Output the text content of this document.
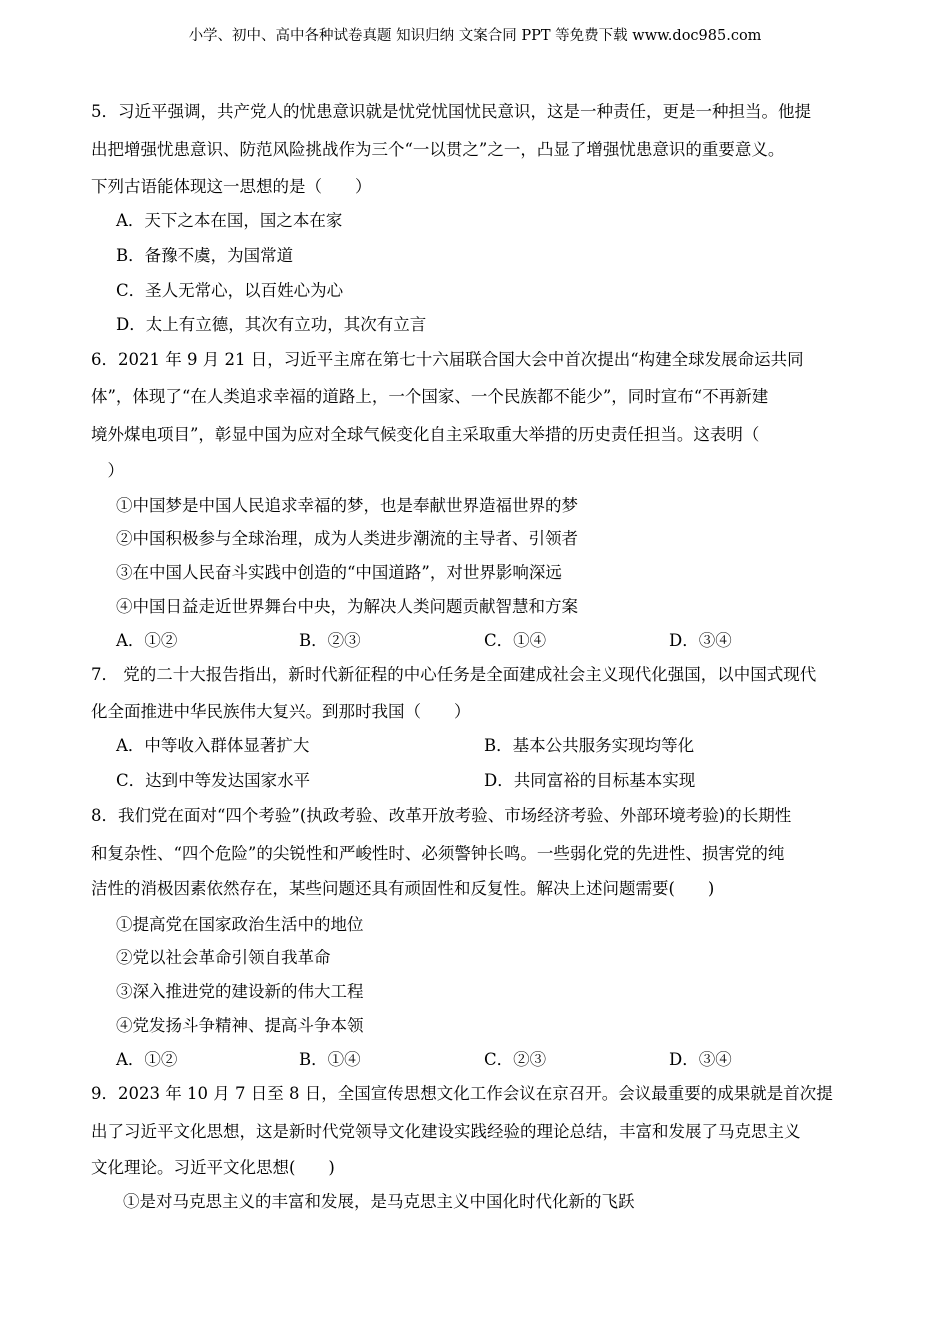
小学、初中、高中各种试卷真题 知识归纳 文案合同 PPT 等免费下载 www.doc985.com
5．习近平强调，共产党人的忧患意识就是忧党忧国忧民意识，这是一种责任，更是一种担当。他提
出把增强忧患意识、防范风险挑战作为三个“一以贯之”之一，凸显了增强忧患意识的重要意义。
下列古语能体现这一思想的是（　　）
A．天下之本在国，国之本在家
B．备豫不虞，为国常道
C．圣人无常心，以百姓心为心
D．太上有立德，其次有立功，其次有立言
6．2021 年 9 月 21 日，习近平主席在第七十六届联合国大会中首次提出“构建全球发展命运共同
体”，体现了“在人类追求幸福的道路上，一个国家、一个民族都不能少”，同时宣布“不再新建
境外煤电项目”，彰显中国为应对全球气候变化自主采取重大举措的历史责任担当。这表明（
　）
①中国梦是中国人民追求幸福的梦，也是奉献世界造福世界的梦
②中国积极参与全球治理，成为人类进步潮流的主导者、引领者
③在中国人民奋斗实践中创造的“中国道路”，对世界影响深远
④中国日益走近世界舞台中央，为解决人类问题贡献智慧和方案
A．①②	B．②③	C．①④	D．③④
7． 党的二十大报告指出，新时代新征程的中心任务是全面建成社会主义现代化强国，以中国式现代
化全面推进中华民族伟大复兴。到那时我国（　　）
A．中等收入群体显著扩大	B．基本公共服务实现均等化
C．达到中等发达国家水平	D．共同富裕的目标基本实现
8．我们党在面对“四个考验”(执政考验、改革开放考验、市场经济考验、外部环境考验)的长期性
和复杂性、“四个危险”的尖锐性和严峻性时、必须警钟长鸣。一些弱化党的先进性、损害党的纯
洁性的消极因素依然存在，某些问题还具有顽固性和反复性。解决上述问题需要(　　)
①提高党在国家政治生活中的地位
②党以社会革命引领自我革命
③深入推进党的建设新的伟大工程
④党发扬斗争精神、提高斗争本领
A．①②	B．①④	C．②③	D．③④
9．2023 年 10 月 7 日至 8 日，全国宣传思想文化工作会议在京召开。会议最重要的成果就是首次提
出了习近平文化思想，这是新时代党领导文化建设实践经验的理论总结，丰富和发展了马克思主义
文化理论。习近平文化思想(　　)
①是对马克思主义的丰富和发展，是马克思主义中国化时代化新的飞跃
